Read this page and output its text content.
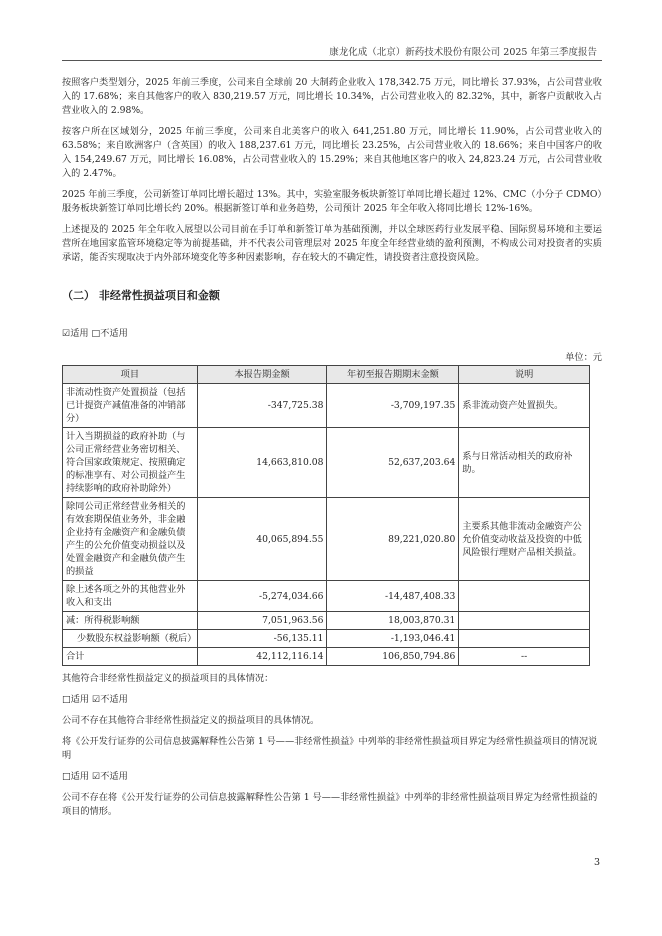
康龙化成（北京）新药技术股份有限公司 2025 年第三季度报告

按照客户类型划分，2025 年前三季度，公司来自全球前 20 大制药企业收入 178,342.75 万元，同比增长 37.93%，占公司营业收入的 17.68%；来自其他客户的收入 830,219.57 万元，同比增长 10.34%，占公司营业收入的 82.32%，其中，新客户贡献收入占营业收入的 2.98%。

按客户所在区域划分，2025 年前三季度，公司来自北美客户的收入 641,251.80 万元，同比增长 11.90%，占公司营业收入的 63.58%；来自欧洲客户（含英国）的收入 188,237.61 万元，同比增长 23.25%，占公司营业收入的 18.66%；来自中国客户的收入 154,249.67 万元，同比增长 16.08%，占公司营业收入的 15.29%；来自其他地区客户的收入 24,823.24 万元，占公司营业收入的 2.47%。

2025 年前三季度，公司新签订单同比增长超过 13%。其中，实验室服务板块新签订单同比增长超过 12%、CMC（小分子 CDMO）服务板块新签订单同比增长约 20%。根据新签订单和业务趋势，公司预计 2025 年全年收入将同比增长 12%-16%。

上述提及的 2025 年全年收入展望以公司目前在手订单和新签订单为基础预测，并以全球医药行业发展平稳、国际贸易环境和主要运营所在地国家监管环境稳定等为前提基础，并不代表公司管理层对 2025 年度全年经营业绩的盈利预测，不构成公司对投资者的实质承诺，能否实现取决于内外部环境变化等多种因素影响，存在较大的不确定性，请投资者注意投资风险。

（二） 非经常性损益项目和金额
☑适用 □不适用
单位：元
项目	本报告期金额	年初至报告期期末金额	说明
非流动性资产处置损益（包括已计提资产减值准备的冲销部分）	-347,725.38	-3,709,197.35	系非流动资产处置损失。
计入当期损益的政府补助（与公司正常经营业务密切相关、符合国家政策规定、按照确定的标准享有、对公司损益产生持续影响的政府补助除外）	14,663,810.08	52,637,203.64	系与日常活动相关的政府补助。
除同公司正常经营业务相关的有效套期保值业务外，非金融企业持有金融资产和金融负债产生的公允价值变动损益以及处置金融资产和金融负债产生的损益	40,065,894.55	89,221,020.80	主要系其他非流动金融资产公允价值变动收益及投资的中低风险银行理财产品相关损益。
除上述各项之外的其他营业外收入和支出	-5,274,034.66	-14,487,408.33	
减：所得税影响额	7,051,963.56	18,003,870.31	
少数股东权益影响额（税后）	-56,135.11	-1,193,046.41	
合计	42,112,116.14	106,850,794.86	--

其他符合非经常性损益定义的损益项目的具体情况：

□适用 ☑不适用

公司不存在其他符合非经常性损益定义的损益项目的具体情况。

将《公开发行证券的公司信息披露解释性公告第 1 号——非经常性损益》中列举的非经常性损益项目界定为经常性损益项目的情况说明

□适用 ☑不适用

公司不存在将《公开发行证券的公司信息披露解释性公告第 1 号——非经常性损益》中列举的非经常性损益项目界定为经常性损益的项目的情形。

3
